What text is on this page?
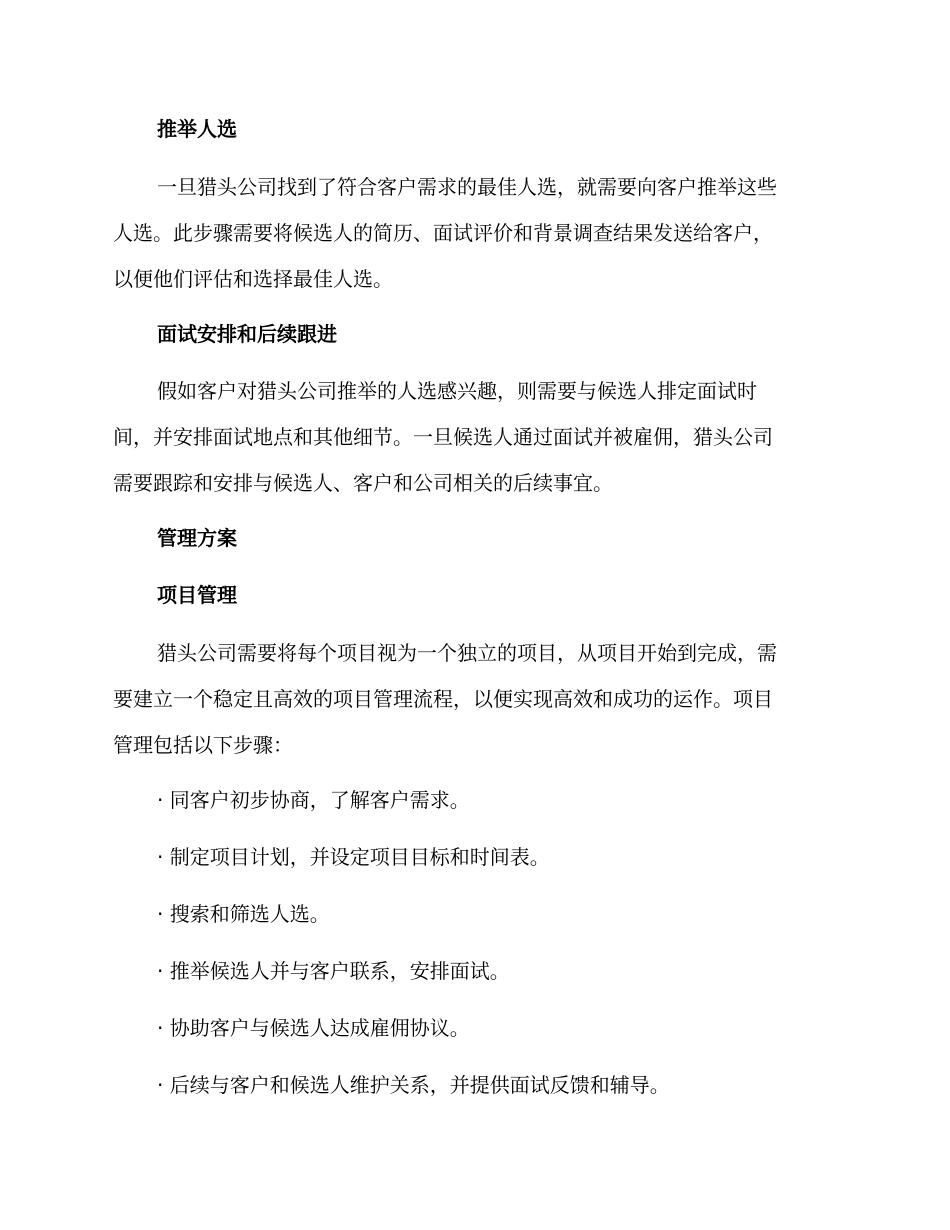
推举人选
一旦猎头公司找到了符合客户需求的最佳人选，就需要向客户推举这些
人选。此步骤需要将候选人的简历、面试评价和背景调查结果发送给客户，
以便他们评估和选择最佳人选。
面试安排和后续跟进
假如客户对猎头公司推举的人选感兴趣，则需要与候选人排定面试时
间，并安排面试地点和其他细节。一旦候选人通过面试并被雇佣，猎头公司
需要跟踪和安排与候选人、客户和公司相关的后续事宜。
管理方案
项目管理
猎头公司需要将每个项目视为一个独立的项目，从项目开始到完成，需
要建立一个稳定且高效的项目管理流程，以便实现高效和成功的运作。项目
管理包括以下步骤：

· 同客户初步协商，了解客户需求。

· 制定项目计划，并设定项目目标和时间表。

· 搜索和筛选人选。

· 推举候选人并与客户联系，安排面试。

· 协助客户与候选人达成雇佣协议。

· 后续与客户和候选人维护关系，并提供面试反馈和辅导。
